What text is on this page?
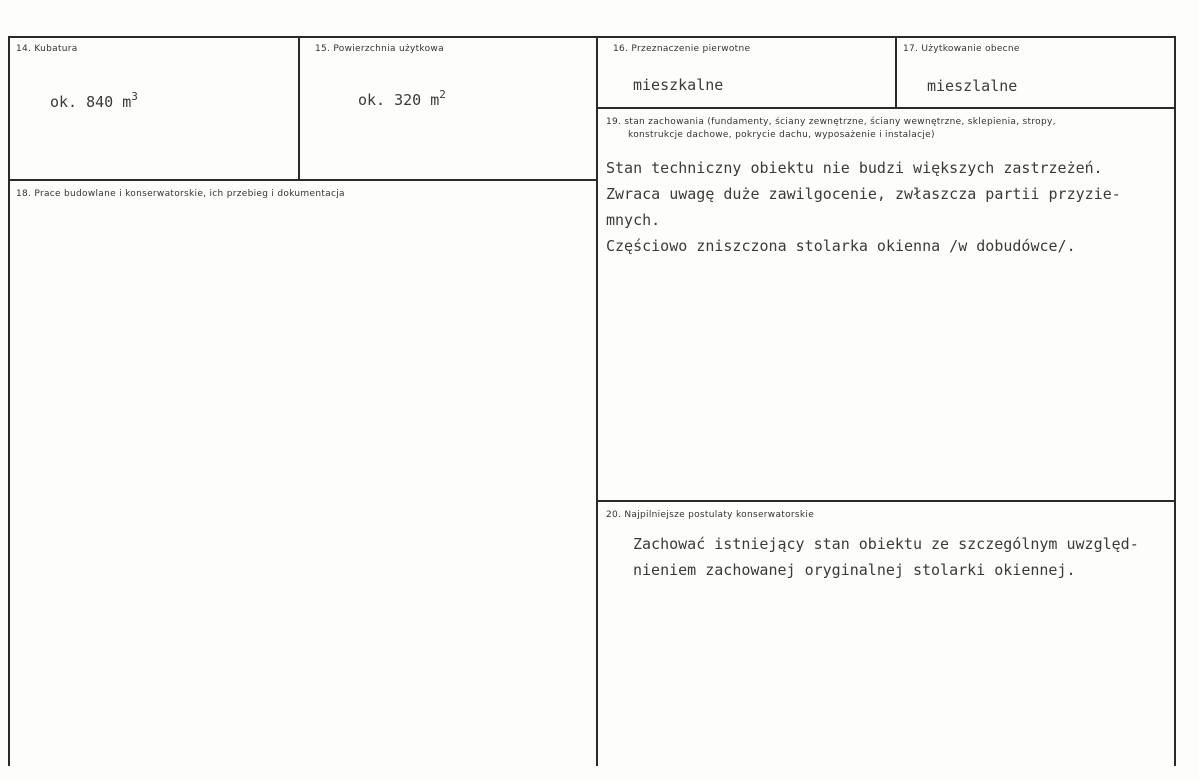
14. Kubatura
ok. 840 $m^3$
15. Powierzchnia użytkowa
ok. 320 $m^2$
16. Przeznaczenie pierwotne
mieszkalne
17. Użytkowanie obecne
mieszlalne
18. Prace budowlane i konserwatorskie, ich przebieg i dokumentacja
19. stan zachowania (fundamenty, ściany zewnętrzne, ściany wewnętrzne, sklepienia, stropy,
konstrukcje dachowe, pokrycie dachu, wyposażenie i instalacje)
Stan techniczny obiektu nie budzi większych zastrzeżeń.
Zwraca uwagę duże zawilgocenie, zwłaszcza partii przyzie-
mnych.
Częściowo zniszczona stolarka okienna /w dobudówce/.
20. Najpilniejsze postulaty konserwatorskie
Zachować istniejący stan obiektu ze szczególnym uwzględ-
nieniem zachowanej oryginalnej stolarki okiennej.
